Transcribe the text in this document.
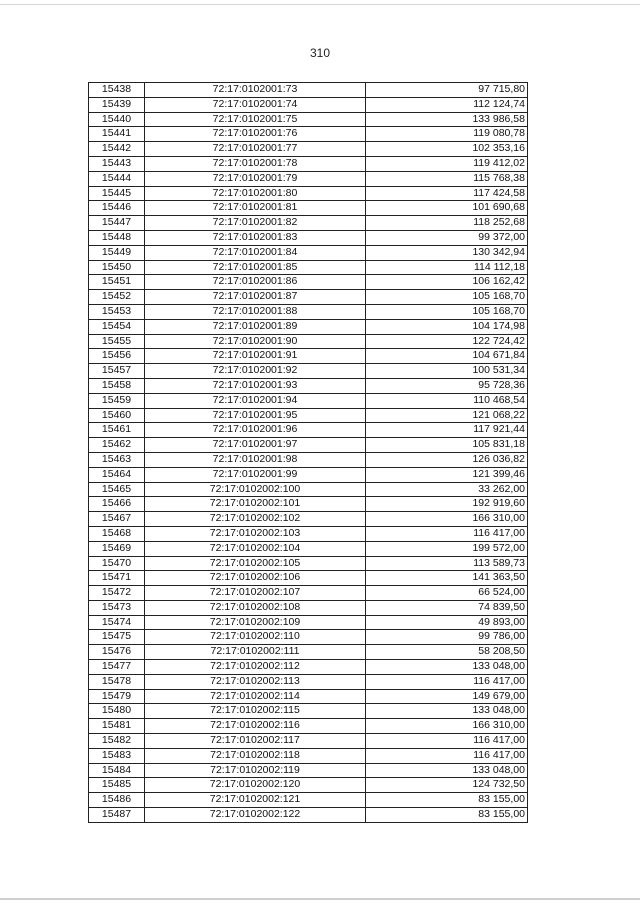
310
15438	72:17:0102001:73	97 715,80
15439	72:17:0102001:74	112 124,74
15440	72:17:0102001:75	133 986,58
15441	72:17:0102001:76	119 080,78
15442	72:17:0102001:77	102 353,16
15443	72:17:0102001:78	119 412,02
15444	72:17:0102001:79	115 768,38
15445	72:17:0102001:80	117 424,58
15446	72:17:0102001:81	101 690,68
15447	72:17:0102001:82	118 252,68
15448	72:17:0102001:83	99 372,00
15449	72:17:0102001:84	130 342,94
15450	72:17:0102001:85	114 112,18
15451	72:17:0102001:86	106 162,42
15452	72:17:0102001:87	105 168,70
15453	72:17:0102001:88	105 168,70
15454	72:17:0102001:89	104 174,98
15455	72:17:0102001:90	122 724,42
15456	72:17:0102001:91	104 671,84
15457	72:17:0102001:92	100 531,34
15458	72:17:0102001:93	95 728,36
15459	72:17:0102001:94	110 468,54
15460	72:17:0102001:95	121 068,22
15461	72:17:0102001:96	117 921,44
15462	72:17:0102001:97	105 831,18
15463	72:17:0102001:98	126 036,82
15464	72:17:0102001:99	121 399,46
15465	72:17:0102002:100	33 262,00
15466	72:17:0102002:101	192 919,60
15467	72:17:0102002:102	166 310,00
15468	72:17:0102002:103	116 417,00
15469	72:17:0102002:104	199 572,00
15470	72:17:0102002:105	113 589,73
15471	72:17:0102002:106	141 363,50
15472	72:17:0102002:107	66 524,00
15473	72:17:0102002:108	74 839,50
15474	72:17:0102002:109	49 893,00
15475	72:17:0102002:110	99 786,00
15476	72:17:0102002:111	58 208,50
15477	72:17:0102002:112	133 048,00
15478	72:17:0102002:113	116 417,00
15479	72:17:0102002:114	149 679,00
15480	72:17:0102002:115	133 048,00
15481	72:17:0102002:116	166 310,00
15482	72:17:0102002:117	116 417,00
15483	72:17:0102002:118	116 417,00
15484	72:17:0102002:119	133 048,00
15485	72:17:0102002:120	124 732,50
15486	72:17:0102002:121	83 155,00
15487	72:17:0102002:122	83 155,00
